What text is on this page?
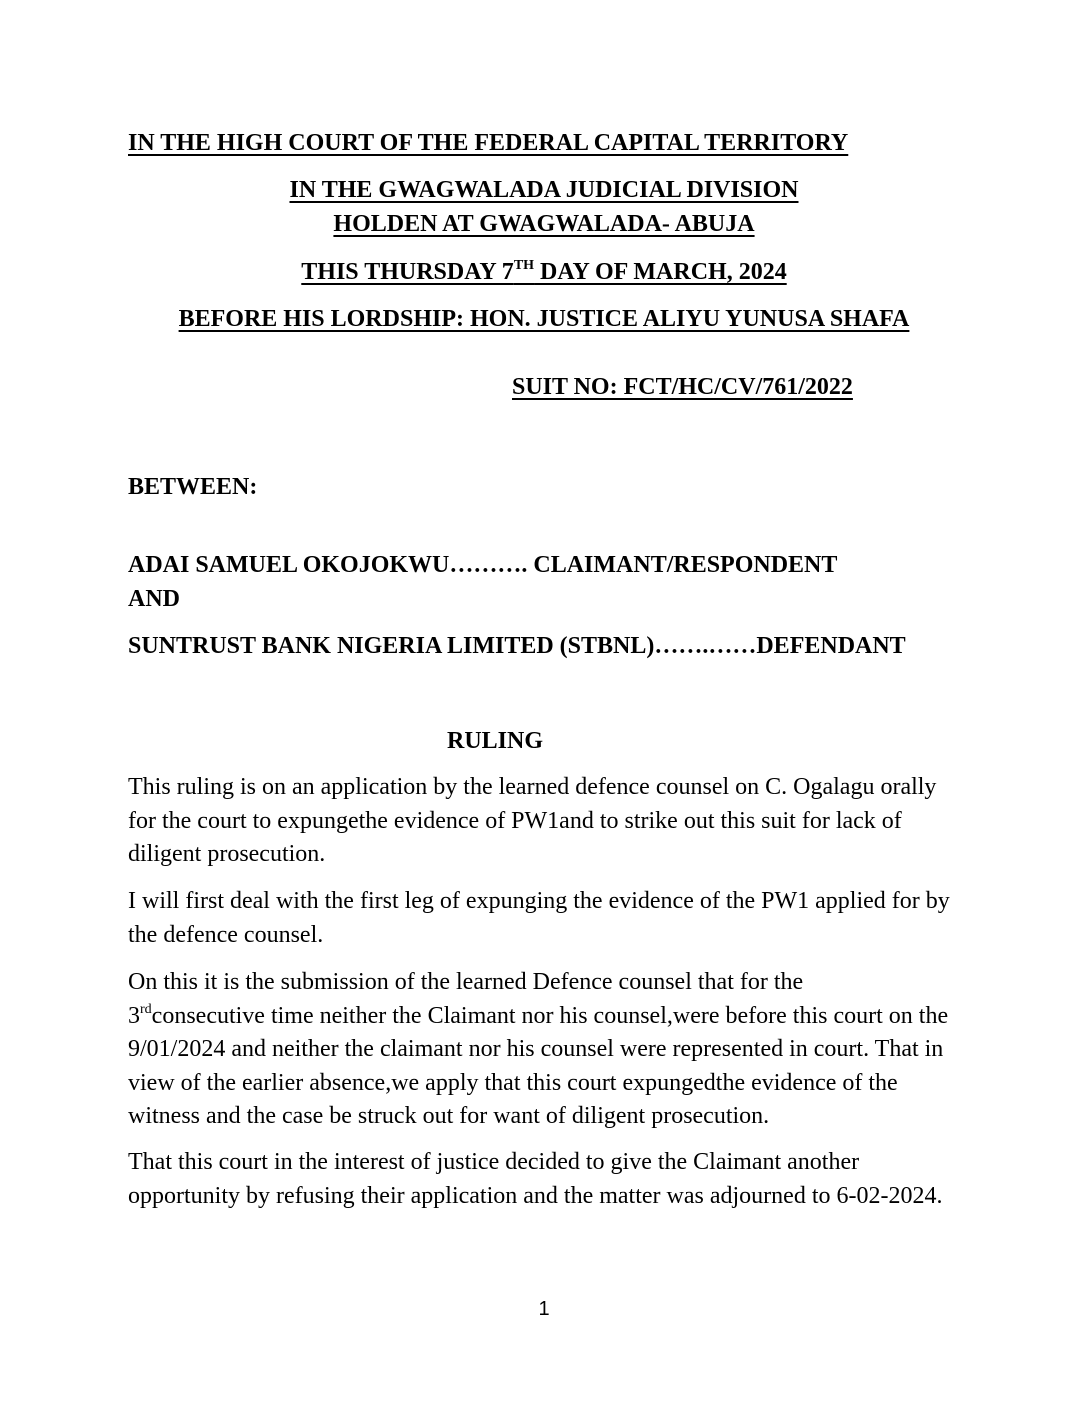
IN THE HIGH COURT OF THE FEDERAL CAPITAL TERRITORY
IN THE GWAGWALADA JUDICIAL DIVISION
HOLDEN AT GWAGWALADA- ABUJA
THIS THURSDAY 7TH DAY OF MARCH, 2024
BEFORE HIS LORDSHIP: HON. JUSTICE ALIYU YUNUSA SHAFA
SUIT NO: FCT/HC/CV/761/2022
BETWEEN:
ADAI SAMUEL OKOJOKWU………. CLAIMANT/RESPONDENT
AND
SUNTRUST BANK NIGERIA LIMITED (STBNL)…….……DEFENDANT
RULING

This ruling is on an application by the learned defence counsel on C. Ogalagu orally for the court to expungethe evidence of PW1and to strike out this suit for lack of diligent prosecution.

I will first deal with the first leg of expunging the evidence of the PW1 applied for by the defence counsel.

On this it is the submission of the learned Defence counsel that for the
3rdconsecutive time neither the Claimant nor his counsel,were before this court on the 9/01/2024 and neither the claimant nor his counsel were represented in court. That in view of the earlier absence,we apply that this court expungedthe evidence of the witness and the case be struck out for want of diligent prosecution.

That this court in the interest of justice decided to give the Claimant another opportunity by refusing their application and the matter was adjourned to 6-02-2024.

1
